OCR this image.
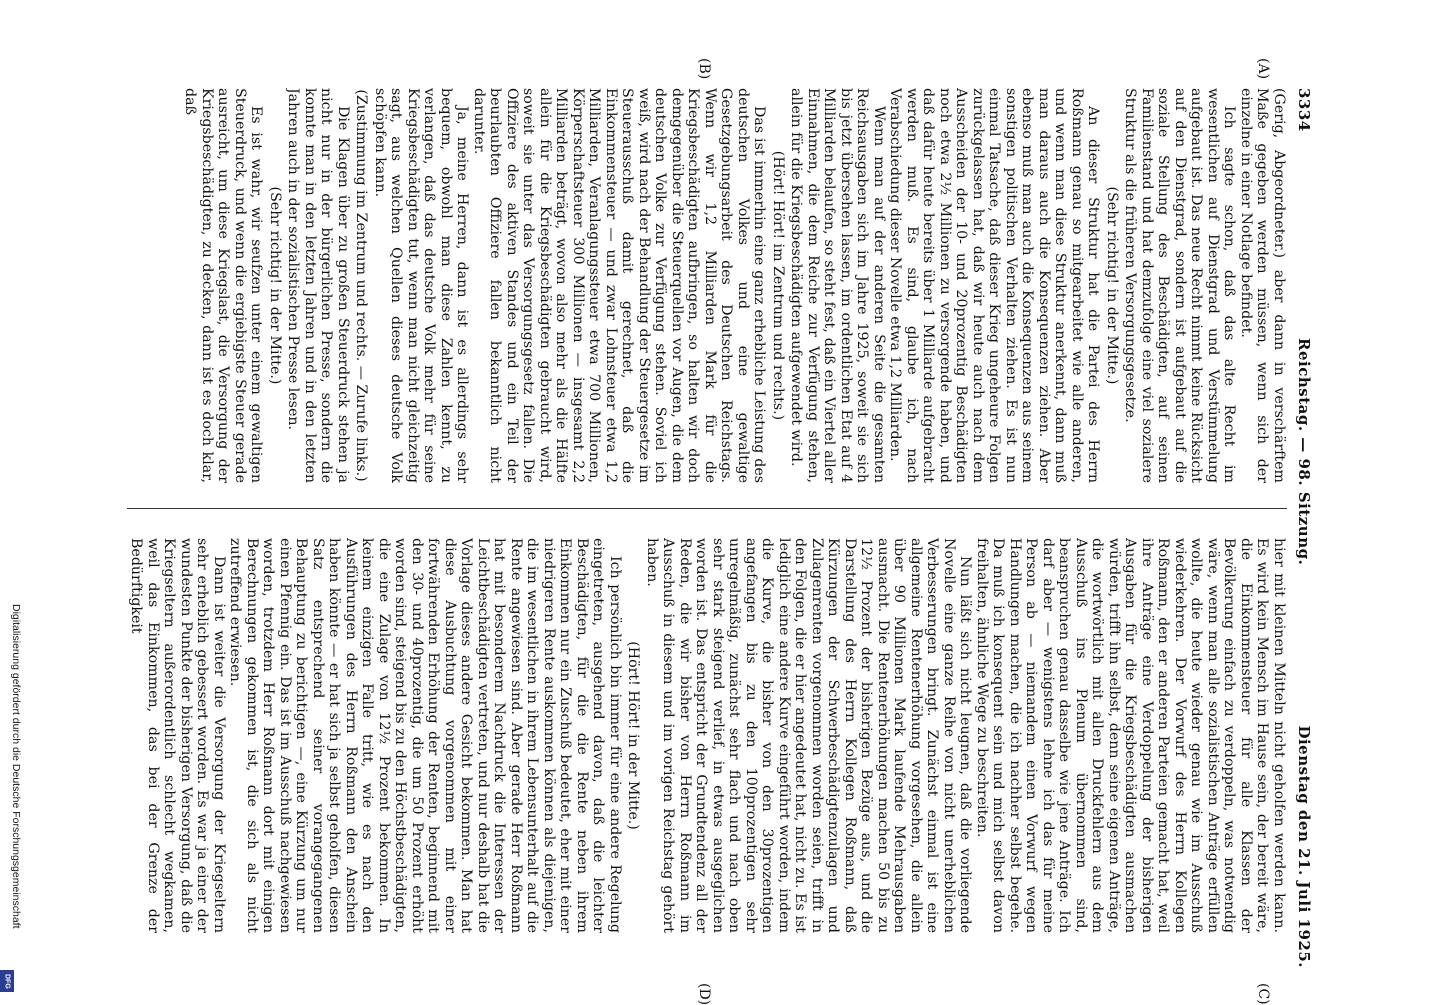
3334
Reichstag. — 98. Sitzung.
Dienstag den 21. Juli 1925.

(Gerig, Abgeordneter.) aber dann in verschärftem Maße gegeben werden müssen, wenn sich der einzelne in einer Notlage befindet.

Ich sagte schon, daß das alte Recht im wesentlichen auf Dienstgrad und Verstümmelung aufgebaut ist. Das neue Recht nimmt keine Rücksicht auf den Dienstgrad, sondern ist aufgebaut auf die soziale Stellung des Beschädigten, auf seinen Familienstand und hat demzufolge eine viel sozialere Struktur als die früheren Versorgungsgesetze.

(Sehr richtig! in der Mitte.)

An dieser Struktur hat die Partei des Herrn Roßmann genau so mitgearbeitet wie alle anderen, und wenn man diese Struktur anerkennt, dann muß man daraus auch die Konsequenzen ziehen. Aber ebenso muß man auch die Konsequenzen aus seinem sonstigen politischen Verhalten ziehen. Es ist nun einmal Tatsache, daß dieser Krieg ungeheure Folgen zurückgelassen hat, daß wir heute auch nach dem Ausscheiden der 10- und 20prozentig Beschädigten noch etwa 2½ Millionen zu versorgende haben, und daß dafür heute bereits über 1 Milliarde aufgebracht werden muß. Es sind, glaube ich, nach Verabschiedung dieser Novelle etwa 1,2 Milliarden.

Wenn man auf der anderen Seite die gesamten Reichsausgaben sich im Jahre 1925, soweit sie sich bis jetzt übersehen lassen, im ordentlichen Etat auf 4 Milliarden belaufen, so steht fest, daß ein Viertel aller Einnahmen, die dem Reiche zur Verfügung stehen, allein für die Kriegsbeschädigten aufgewendet wird.

(Hört! Hört! im Zentrum und rechts.)

Das ist immerhin eine ganz erhebliche Leistung des deutschen Volkes und eine gewaltige Gesetzgebungsarbeit des Deutschen Reichstags. Wenn wir 1,2 Milliarden Mark für die Kriegsbeschädigten aufbringen, so halten wir doch demgegenüber die Steuerquellen vor Augen, die dem deutschen Volke zur Verfügung stehen. Soviel ich weiß, wird nach der Behandlung der Steuergesetze im Steuerausschuß damit gerechnet, daß die Einkommensteuer — und zwar Lohnsteuer etwa 1,2 Milliarden, Veranlagungssteuer etwa 700 Millionen, Körperschaftsteuer 300 Millionen — insgesamt 2,2 Milliarden beträgt, wovon also mehr als die Hälfte allein für die Kriegsbeschädigten gebraucht wird, soweit sie unter das Versorgungsgesetz fallen. Die Offiziere des aktiven Standes und ein Teil der beurlaubten Offiziere fallen bekanntlich nicht darunter.

Ja, meine Herren, dann ist es allerdings sehr bequem, obwohl man diese Zahlen kennt, zu verlangen, daß das deutsche Volk mehr für seine Kriegsbeschädigten tut, wenn man nicht gleichzeitig sagt, aus welchen Quellen dieses deutsche Volk schöpfen kann.

(Zustimmung im Zentrum und rechts. — Zurufe links.)

Die Klagen über zu großen Steuerdruck stehen ja nicht nur in der bürgerlichen Presse, sondern die konnte man in den letzten Jahren und in den letzten Jahren auch in der sozialistischen Presse lesen.

(Sehr richtig! in der Mitte.)

Es ist wahr, wir seufzen unter einem gewaltigen Steuerdruck, und wenn die ergiebigste Steuer gerade ausreicht, um diese Kriegslast, die Versorgung der Kriegsbeschädigten, zu decken, dann ist es doch klar, daß

hier mit kleinen Mitteln nicht geholfen werden kann. Es wird kein Mensch im Hause sein, der bereit wäre, die Einkommensteuer für alle Klassen der Bevölkerung einfach zu verdoppeln, was notwendig wäre, wenn man alle sozialistischen Anträge erfüllen wollte, die heute wieder genau wie im Ausschuß wiederkehren. Der Vorwurf des Herrn Kollegen Roßmann, den er anderen Parteien gemacht hat, weil ihre Anträge eine Verdoppelung der bisherigen Ausgaben für die Kriegsbeschädigten ausmachen würden, trifft ihn selbst, denn seine eigenen Anträge, die wortwörtlich mit allen Druckfehlern aus dem Ausschuß ins Plenum übernommen sind, beanspruchen genau dasselbe wie jene Anträge. Ich darf aber — wenigstens lehne ich das für meine Person ab — niemandem einen Vorwurf wegen Handlungen machen, die ich nachher selbst begehe. Da muß ich konsequent sein und mich selbst davon freihalten, ähnliche Wege zu beschreiten.

Nun läßt sich nicht leugnen, daß die vorliegende Novelle eine ganze Reihe von nicht unerheblichen Verbesserungen bringt. Zunächst einmal ist eine allgemeine Rentenerhöhung vorgesehen, die allein über 90 Millionen Mark laufende Mehrausgaben ausmacht. Die Rentenerhöhungen machen 50 bis zu 12½ Prozent der bisherigen Bezüge aus, und die Darstellung des Herrn Kollegen Roßmann, daß Kürzungen der Schwerbeschädigtenzulagen und Zulagenrenten vorgenommen worden seien, trifft in den Folgen, die er hier angedeutet hat, nicht zu. Es ist lediglich eine andere Kurve eingeführt worden, indem die Kurve, die bisher von den 30prozentigen angefangen bis zu den 100prozentigen sehr unregelmäßig, zunächst sehr flach und nach oben sehr stark steigend verlief, in etwas ausgeglichen worden ist. Das entspricht der Grundtendenz all der Reden, die wir bisher von Herrn Roßmann im Ausschuß in diesem und im vorigen Reichstag gehört haben.

(Hört! Hört! in der Mitte.)

Ich persönlich bin immer für eine andere Regelung eingetreten, ausgehend davon, daß die leichter Beschädigten, für die die Rente neben ihrem Einkommen nur ein Zuschuß bedeutet, eher mit einer niedrigeren Rente auskommen können als diejenigen, die im wesentlichen in ihrem Lebensunterhalt auf die Rente angewiesen sind. Aber gerade Herr Roßmann hat mit besonderem Nachdruck die Interessen der Leichtbeschädigten vertreten, und nur deshalb hat die Vorlage dieses andere Gesicht bekommen. Man hat diese Ausbuchtung vorgenommen mit einer fortwährenden Erhöhung der Renten, beginnend mit den 30- und 40prozentig, die um 50 Prozent erhöht worden sind, steigend bis zu den Höchstbeschädigten, die eine Zulage von 12½ Prozent bekommen. In keinem einzigen Falle tritt, wie es nach den Ausführungen des Herrn Roßmann den Anschein haben könnte — er hat sich ja selbst geholfen, diesen Satz entsprechend seiner vorangegangenen Behauptung zu berichtigen —, eine Kürzung um nur einen Pfennig ein. Das ist im Ausschuß nachgewiesen worden, trotzdem Herr Roßmann dort mit einigen Berechnungen gekommen ist, die sich als nicht zutreffend erwiesen.

Dann ist weiter die Versorgung der Kriegseltern sehr erheblich gebessert worden. Es war ja einer der wundesten Punkte der bisherigen Versorgung, daß die Kriegseltern außerordentlich schlecht wegkamen, weil das Einkommen, das bei der Grenze der Bedürftigkeit

(A)
(B)
(C)
(D)
Digitalisierung gefördert durch die Deutsche Forschungsgemeinschaft
DFG
